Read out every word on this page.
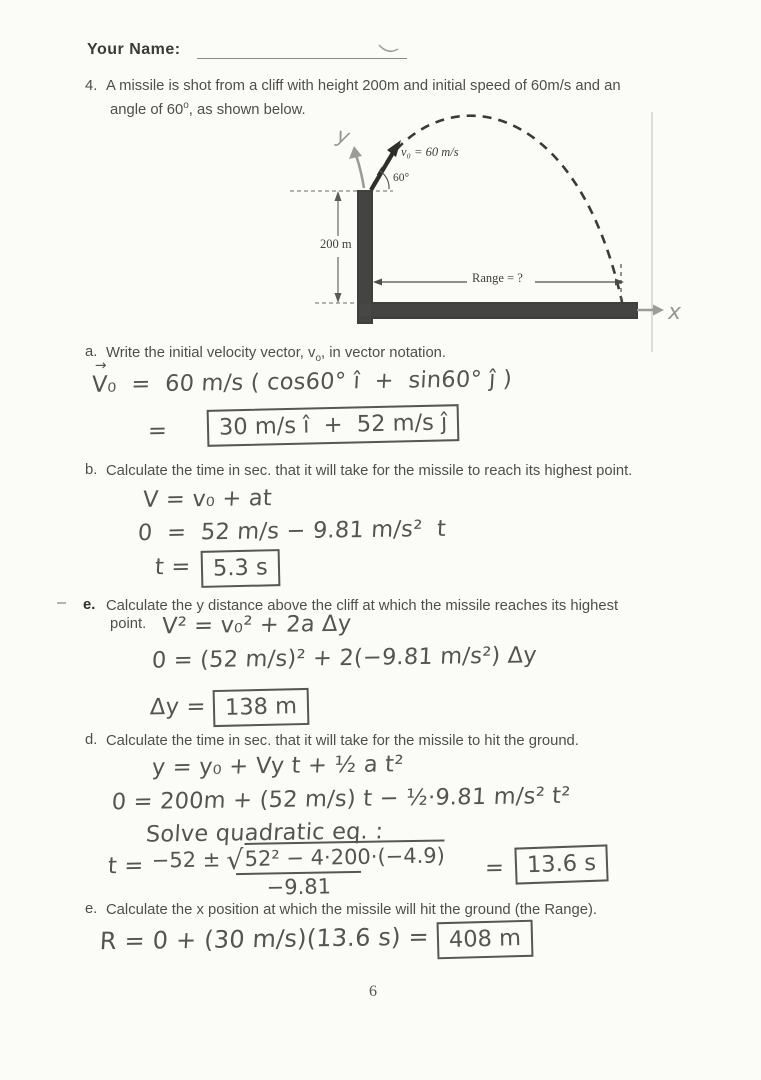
Your Name:
4. A missile is shot from a cliff with height 200m and initial speed of 60m/s and an
angle of 60$^o$, as shown below.
v₀ = 60 m/s
60°
200 m
Range = ?
y
x
a. Write the initial velocity vector, $v_o$, in vector notation.
→
V₀  =  60 m/s ( cos60° î  +  sin60° ĵ )
=	30 m/s î  +  52 m/s ĵ
b. Calculate the time in sec. that it will take for the missile to reach its highest point.
V = v₀ + at
0  =  52 m/s − 9.81 m/s²  t
t = 5.3 s
e. Calculate the y distance above the cliff at which the missile reaches its highest
point. V² = v₀² + 2a Δy
0 = (52 m/s)² + 2(−9.81 m/s²) Δy
Δy = 138 m
d. Calculate the time in sec. that it will take for the missile to hit the ground.
y = y₀ + Vy t + ½ a t²
0 = 200m + (52 m/s) t − ½·9.81 m/s² t²
Solve quadratic eq. :
$t = \frac{\text{−52 ± √ 52² − 4·200·(−4.9)}}{-9.81} = 13.6$ s
e. Calculate the x position at which the missile will hit the ground (the Range).
R = 0 + (30 m/s)(13.6 s) = 408 m
6
